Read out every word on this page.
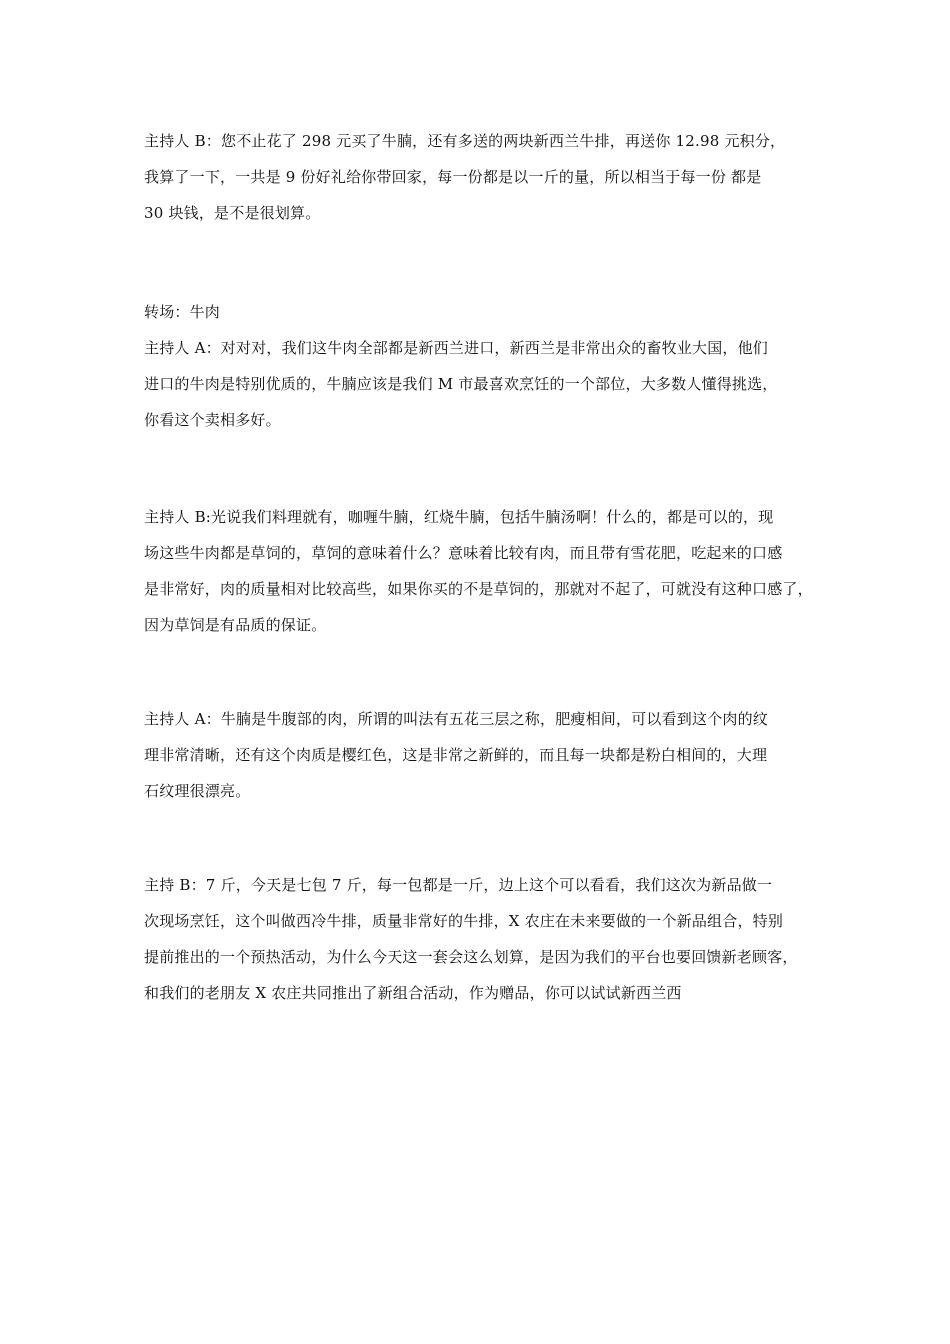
主持人 B：您不止花了 298 元买了牛腩，还有多送的两块新西兰牛排，再送你 12.98 元积分，
我算了一下，一共是 9 份好礼给你带回家，每一份都是以一斤的量，所以相当于每一份 都是
30 块钱，是不是很划算。
转场：牛肉
主持人 A：对对对，我们这牛肉全部都是新西兰进口，新西兰是非常出众的畜牧业大国，他们
进口的牛肉是特别优质的，牛腩应该是我们 M 市最喜欢烹饪的一个部位，大多数人懂得挑选，
你看这个卖相多好。
主持人 B:光说我们料理就有，咖喱牛腩，红烧牛腩，包括牛腩汤啊！什么的，都是可以的，现
场这些牛肉都是草饲的，草饲的意味着什么？意味着比较有肉，而且带有雪花肥，吃起来的口感
是非常好，肉的质量相对比较高些，如果你买的不是草饲的，那就对不起了，可就没有这种口感了，
因为草饲是有品质的保证。
主持人 A：牛腩是牛腹部的肉，所谓的叫法有五花三层之称，肥瘦相间，可以看到这个肉的纹
理非常清晰，还有这个肉质是樱红色，这是非常之新鲜的，而且每一块都是粉白相间的，大理
石纹理很漂亮。
主持 B：7 斤，今天是七包 7 斤，每一包都是一斤，边上这个可以看看，我们这次为新品做一
次现场烹饪，这个叫做西冷牛排，质量非常好的牛排，X 农庄在未来要做的一个新品组合，特别
提前推出的一个预热活动，为什么今天这一套会这么划算，是因为我们的平台也要回馈新老顾客，
和我们的老朋友 X 农庄共同推出了新组合活动，作为赠品，你可以试试新西兰西
